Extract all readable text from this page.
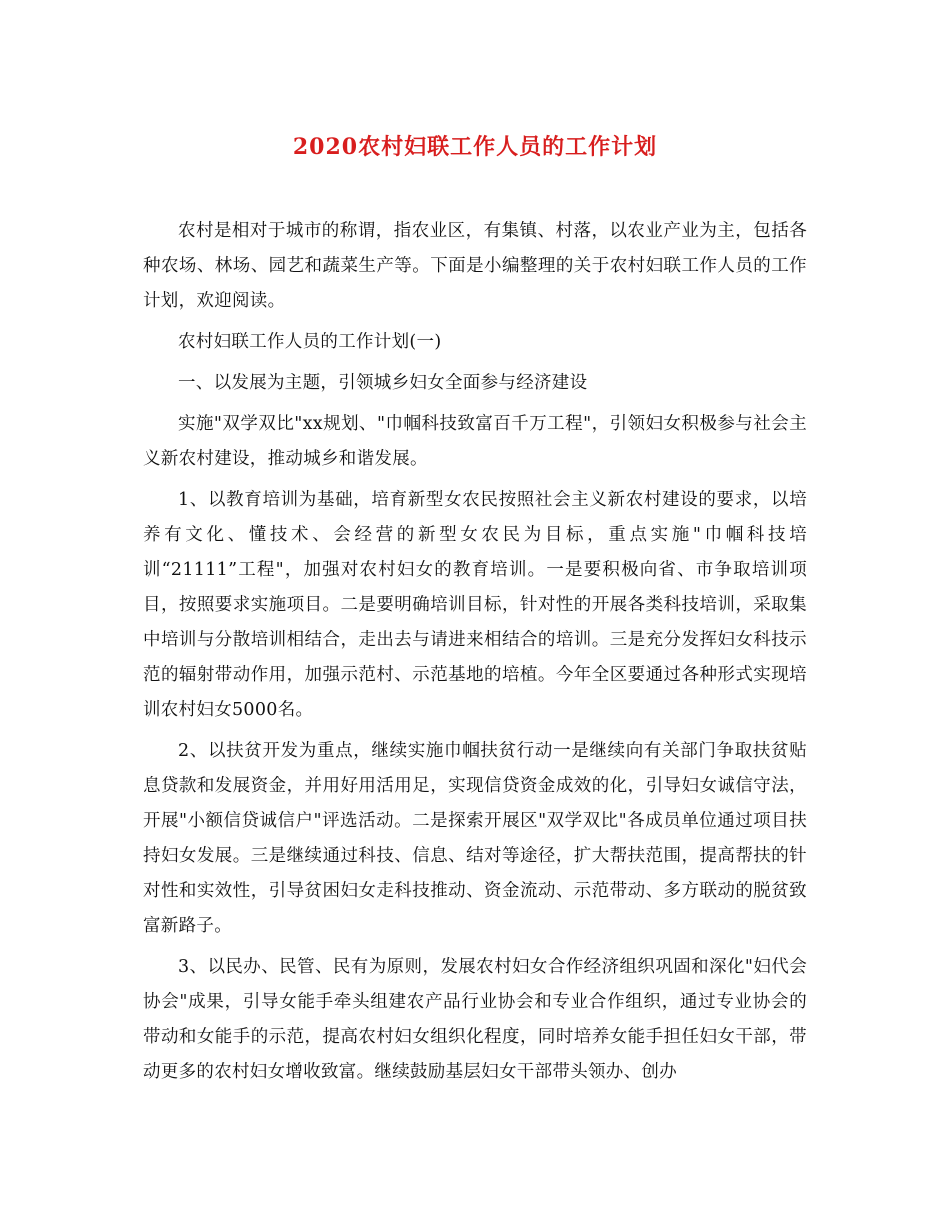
2020农村妇联工作人员的工作计划

农村是相对于城市的称谓，指农业区，有集镇、村落，以农业产业为主，包括各种农场、林场、园艺和蔬菜生产等。下面是小编整理的关于农村妇联工作人员的工作计划，欢迎阅读。

农村妇联工作人员的工作计划(一)

一、以发展为主题，引领城乡妇女全面参与经济建设

实施"双学双比"xx规划、"巾帼科技致富百千万工程"，引领妇女积极参与社会主义新农村建设，推动城乡和谐发展。

1、以教育培训为基础，培育新型女农民按照社会主义新农村建设的要求，以培养有文化、懂技术、会经营的新型女农民为目标，重点实施"巾帼科技培训“21111”工程"，加强对农村妇女的教育培训。一是要积极向省、市争取培训项目，按照要求实施项目。二是要明确培训目标，针对性的开展各类科技培训，采取集中培训与分散培训相结合，走出去与请进来相结合的培训。三是充分发挥妇女科技示范的辐射带动作用，加强示范村、示范基地的培植。今年全区要通过各种形式实现培训农村妇女5000名。

2、以扶贫开发为重点，继续实施巾帼扶贫行动一是继续向有关部门争取扶贫贴息贷款和发展资金，并用好用活用足，实现信贷资金成效的化，引导妇女诚信守法，开展"小额信贷诚信户"评选活动。二是探索开展区"双学双比"各成员单位通过项目扶持妇女发展。三是继续通过科技、信息、结对等途径，扩大帮扶范围，提高帮扶的针对性和实效性，引导贫困妇女走科技推动、资金流动、示范带动、多方联动的脱贫致富新路子。

3、以民办、民管、民有为原则，发展农村妇女合作经济组织巩固和深化"妇代会协会"成果，引导女能手牵头组建农产品行业协会和专业合作组织，通过专业协会的带动和女能手的示范，提高农村妇女组织化程度，同时培养女能手担任妇女干部，带动更多的农村妇女增收致富。继续鼓励基层妇女干部带头领办、创办
